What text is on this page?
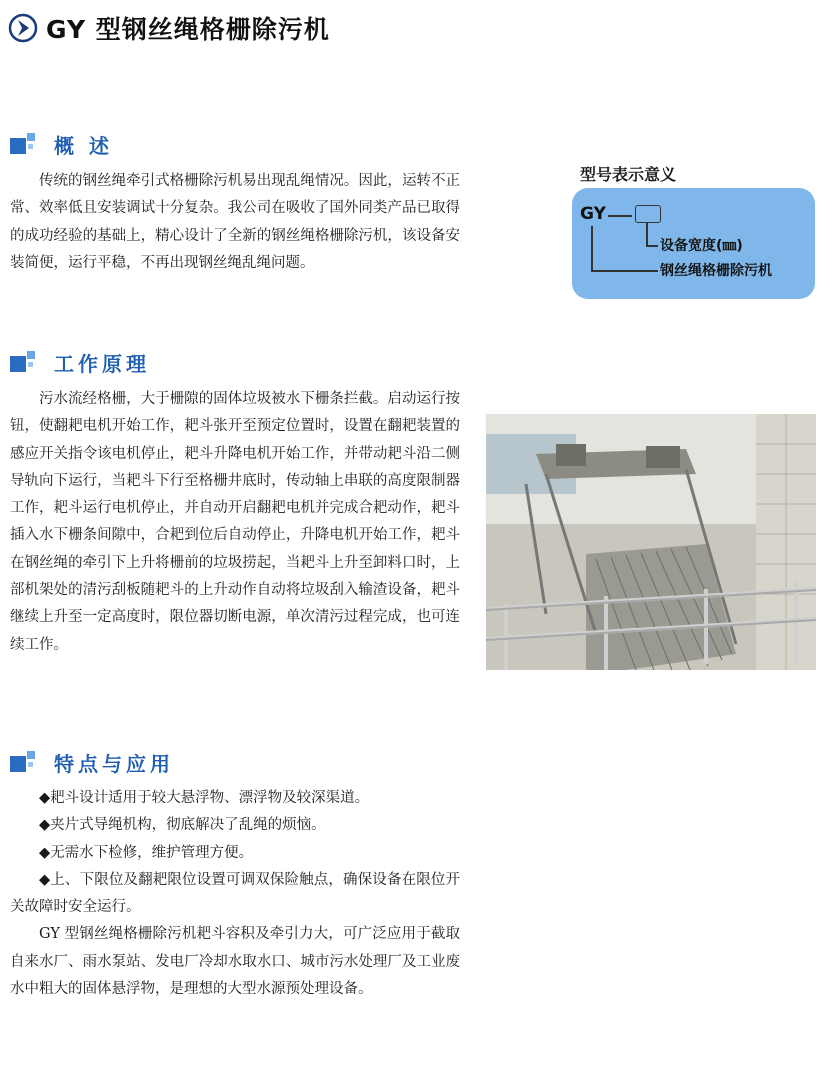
GY 型钢丝绳格栅除污机
概 述

传统的钢丝绳牵引式格栅除污机易出现乱绳情况。因此，运转不正常、效率低且安装调试十分复杂。我公司在吸收了国外同类产品已取得的成功经验的基础上，精心设计了全新的钢丝绳格栅除污机，该设备安装简便，运行平稳，不再出现钢丝绳乱绳问题。

型号表示意义
GY
设备宽度(㎜)
钢丝绳格栅除污机
工作原理

污水流经格栅，大于栅隙的固体垃圾被水下栅条拦截。启动运行按钮，使翻耙电机开始工作，耙斗张开至预定位置时，设置在翻耙装置的感应开关指令该电机停止，耙斗升降电机开始工作，并带动耙斗沿二侧导轨向下运行，当耙斗下行至格栅井底时，传动轴上串联的高度限制器工作，耙斗运行电机停止，并自动开启翻耙电机并完成合耙动作，耙斗插入水下栅条间隙中，合耙到位后自动停止，升降电机开始工作，耙斗在钢丝绳的牵引下上升将栅前的垃圾捞起，当耙斗上升至卸料口时，上部机架处的清污刮板随耙斗的上升动作自动将垃圾刮入输渣设备，耙斗继续上升至一定高度时，限位器切断电源，单次清污过程完成，也可连续工作。

特点与应用

◆耙斗设计适用于较大悬浮物、漂浮物及较深渠道。

◆夹片式导绳机构，彻底解决了乱绳的烦恼。

◆无需水下检修，维护管理方便。

◆上、下限位及翻耙限位设置可调双保险触点，确保设备在限位开关故障时安全运行。

GY 型钢丝绳格栅除污机耙斗容积及牵引力大，可广泛应用于截取自来水厂、雨水泵站、发电厂冷却水取水口、城市污水处理厂及工业废水中粗大的固体悬浮物，是理想的大型水源预处理设备。
